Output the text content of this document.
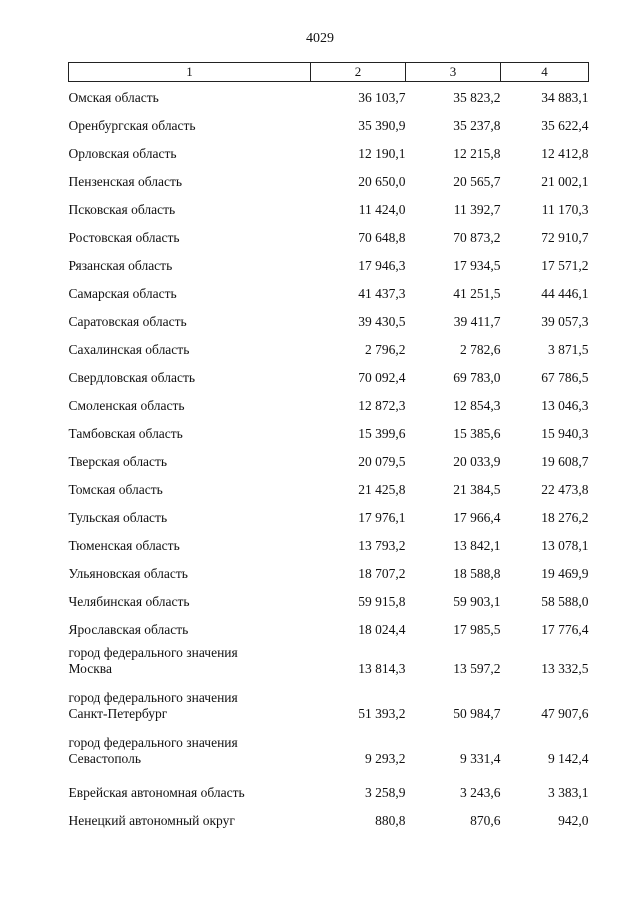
4029
1	2	3	4
Омская область	36 103,7	35 823,2	34 883,1
Оренбургская область	35 390,9	35 237,8	35 622,4
Орловская область	12 190,1	12 215,8	12 412,8
Пензенская область	20 650,0	20 565,7	21 002,1
Псковская область	11 424,0	11 392,7	11 170,3
Ростовская область	70 648,8	70 873,2	72 910,7
Рязанская область	17 946,3	17 934,5	17 571,2
Самарская область	41 437,3	41 251,5	44 446,1
Саратовская область	39 430,5	39 411,7	39 057,3
Сахалинская область	2 796,2	2 782,6	3 871,5
Свердловская область	70 092,4	69 783,0	67 786,5
Смоленская область	12 872,3	12 854,3	13 046,3
Тамбовская область	15 399,6	15 385,6	15 940,3
Тверская область	20 079,5	20 033,9	19 608,7
Томская область	21 425,8	21 384,5	22 473,8
Тульская область	17 976,1	17 966,4	18 276,2
Тюменская область	13 793,2	13 842,1	13 078,1
Ульяновская область	18 707,2	18 588,8	19 469,9
Челябинская область	59 915,8	59 903,1	58 588,0
Ярославская область	18 024,4	17 985,5	17 776,4

город федерального значения
Москва	13 814,3	13 597,2	13 332,5

город федерального значения
Санкт-Петербург	51 393,2	50 984,7	47 907,6

город федерального значения
Севастополь	9 293,2	9 331,4	9 142,4
Еврейская автономная область	3 258,9	3 243,6	3 383,1
Ненецкий автономный округ	880,8	870,6	942,0
